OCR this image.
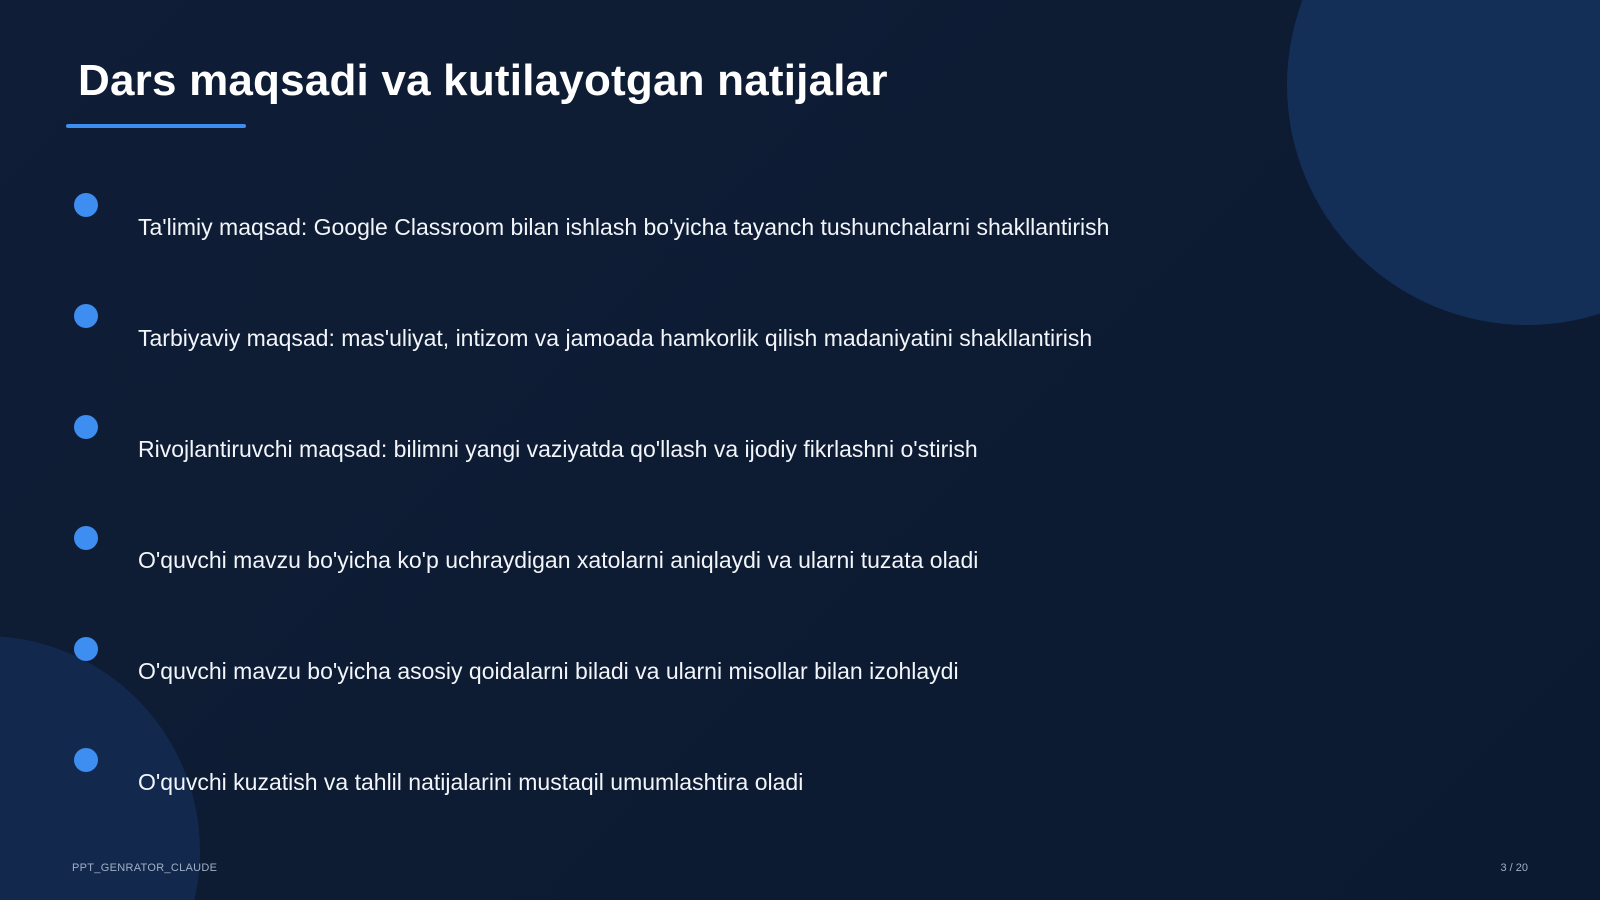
Dars maqsadi va kutilayotgan natijalar
Ta'limiy maqsad: Google Classroom bilan ishlash bo'yicha tayanch tushunchalarni shakllantirish
Tarbiyaviy maqsad: mas'uliyat, intizom va jamoada hamkorlik qilish madaniyatini shakllantirish
Rivojlantiruvchi maqsad: bilimni yangi vaziyatda qo'llash va ijodiy fikrlashni o'stirish
O'quvchi mavzu bo'yicha ko'p uchraydigan xatolarni aniqlaydi va ularni tuzata oladi
O'quvchi mavzu bo'yicha asosiy qoidalarni biladi va ularni misollar bilan izohlaydi
O'quvchi kuzatish va tahlil natijalarini mustaqil umumlashtira oladi
PPT_GENRATOR_CLAUDE	3 / 20
